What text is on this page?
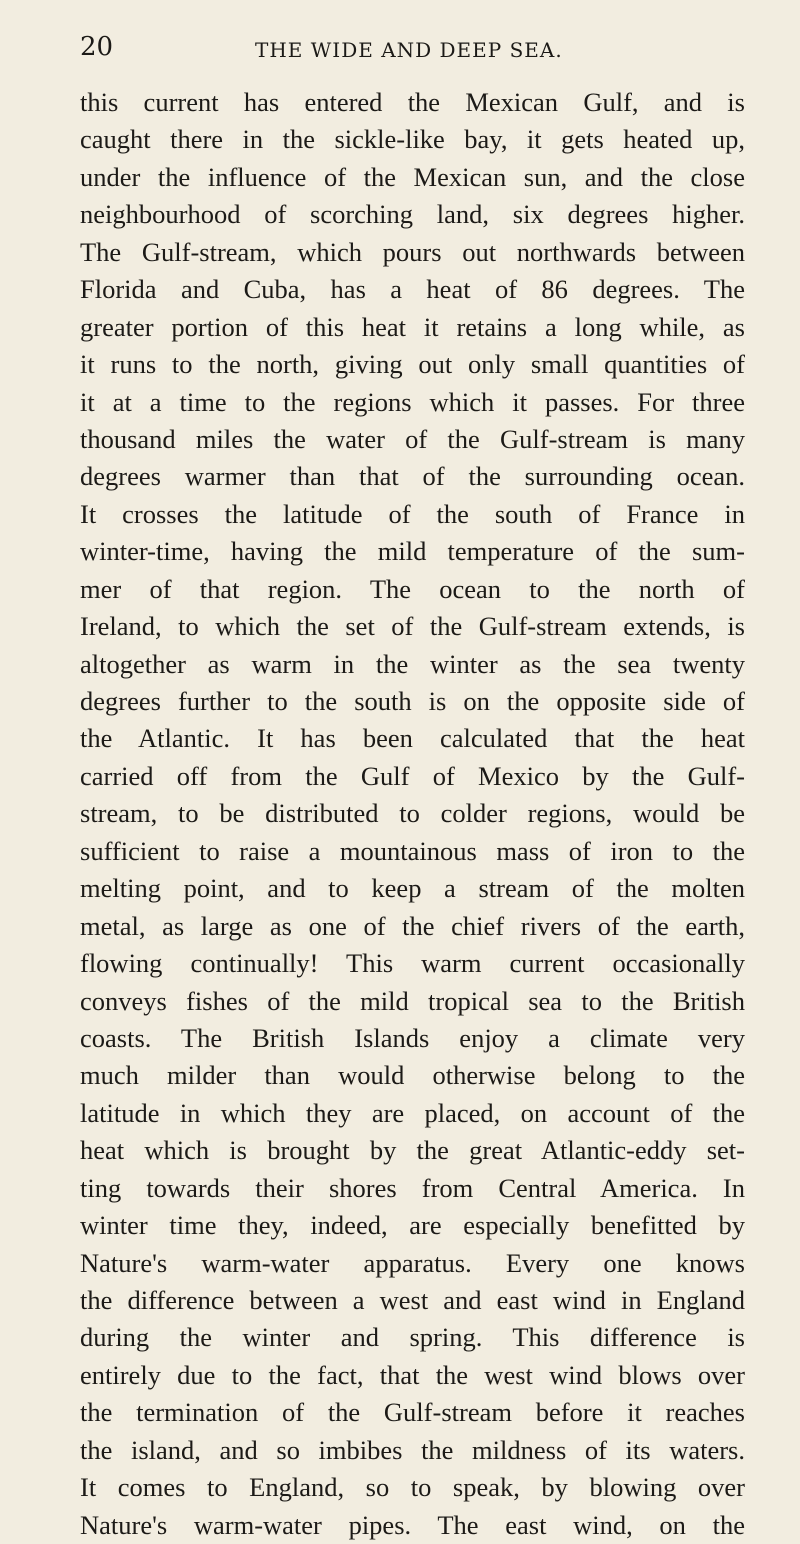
20	THE WIDE AND DEEP SEA.
this current has entered the Mexican Gulf, and is
caught there in the sickle-like bay, it gets heated up,
under the influence of the Mexican sun, and the close
neighbourhood of scorching land, six degrees higher.
The Gulf-stream, which pours out northwards between
Florida and Cuba, has a heat of 86 degrees. The
greater portion of this heat it retains a long while, as
it runs to the north, giving out only small quantities of
it at a time to the regions which it passes. For three
thousand miles the water of the Gulf-stream is many
degrees warmer than that of the surrounding ocean.
It crosses the latitude of the south of France in
winter-time, having the mild temperature of the sum-
mer of that region. The ocean to the north of
Ireland, to which the set of the Gulf-stream extends, is
altogether as warm in the winter as the sea twenty
degrees further to the south is on the opposite side of
the Atlantic. It has been calculated that the heat
carried off from the Gulf of Mexico by the Gulf-
stream, to be distributed to colder regions, would be
sufficient to raise a mountainous mass of iron to the
melting point, and to keep a stream of the molten
metal, as large as one of the chief rivers of the earth,
flowing continually! This warm current occasionally
conveys fishes of the mild tropical sea to the British
coasts. The British Islands enjoy a climate very
much milder than would otherwise belong to the
latitude in which they are placed, on account of the
heat which is brought by the great Atlantic-eddy set-
ting towards their shores from Central America. In
winter time they, indeed, are especially benefitted by
Nature's warm-water apparatus. Every one knows
the difference between a west and east wind in England
during the winter and spring. This difference is
entirely due to the fact, that the west wind blows over
the termination of the Gulf-stream before it reaches
the island, and so imbibes the mildness of its waters.
It comes to England, so to speak, by blowing over
Nature's warm-water pipes. The east wind, on the
